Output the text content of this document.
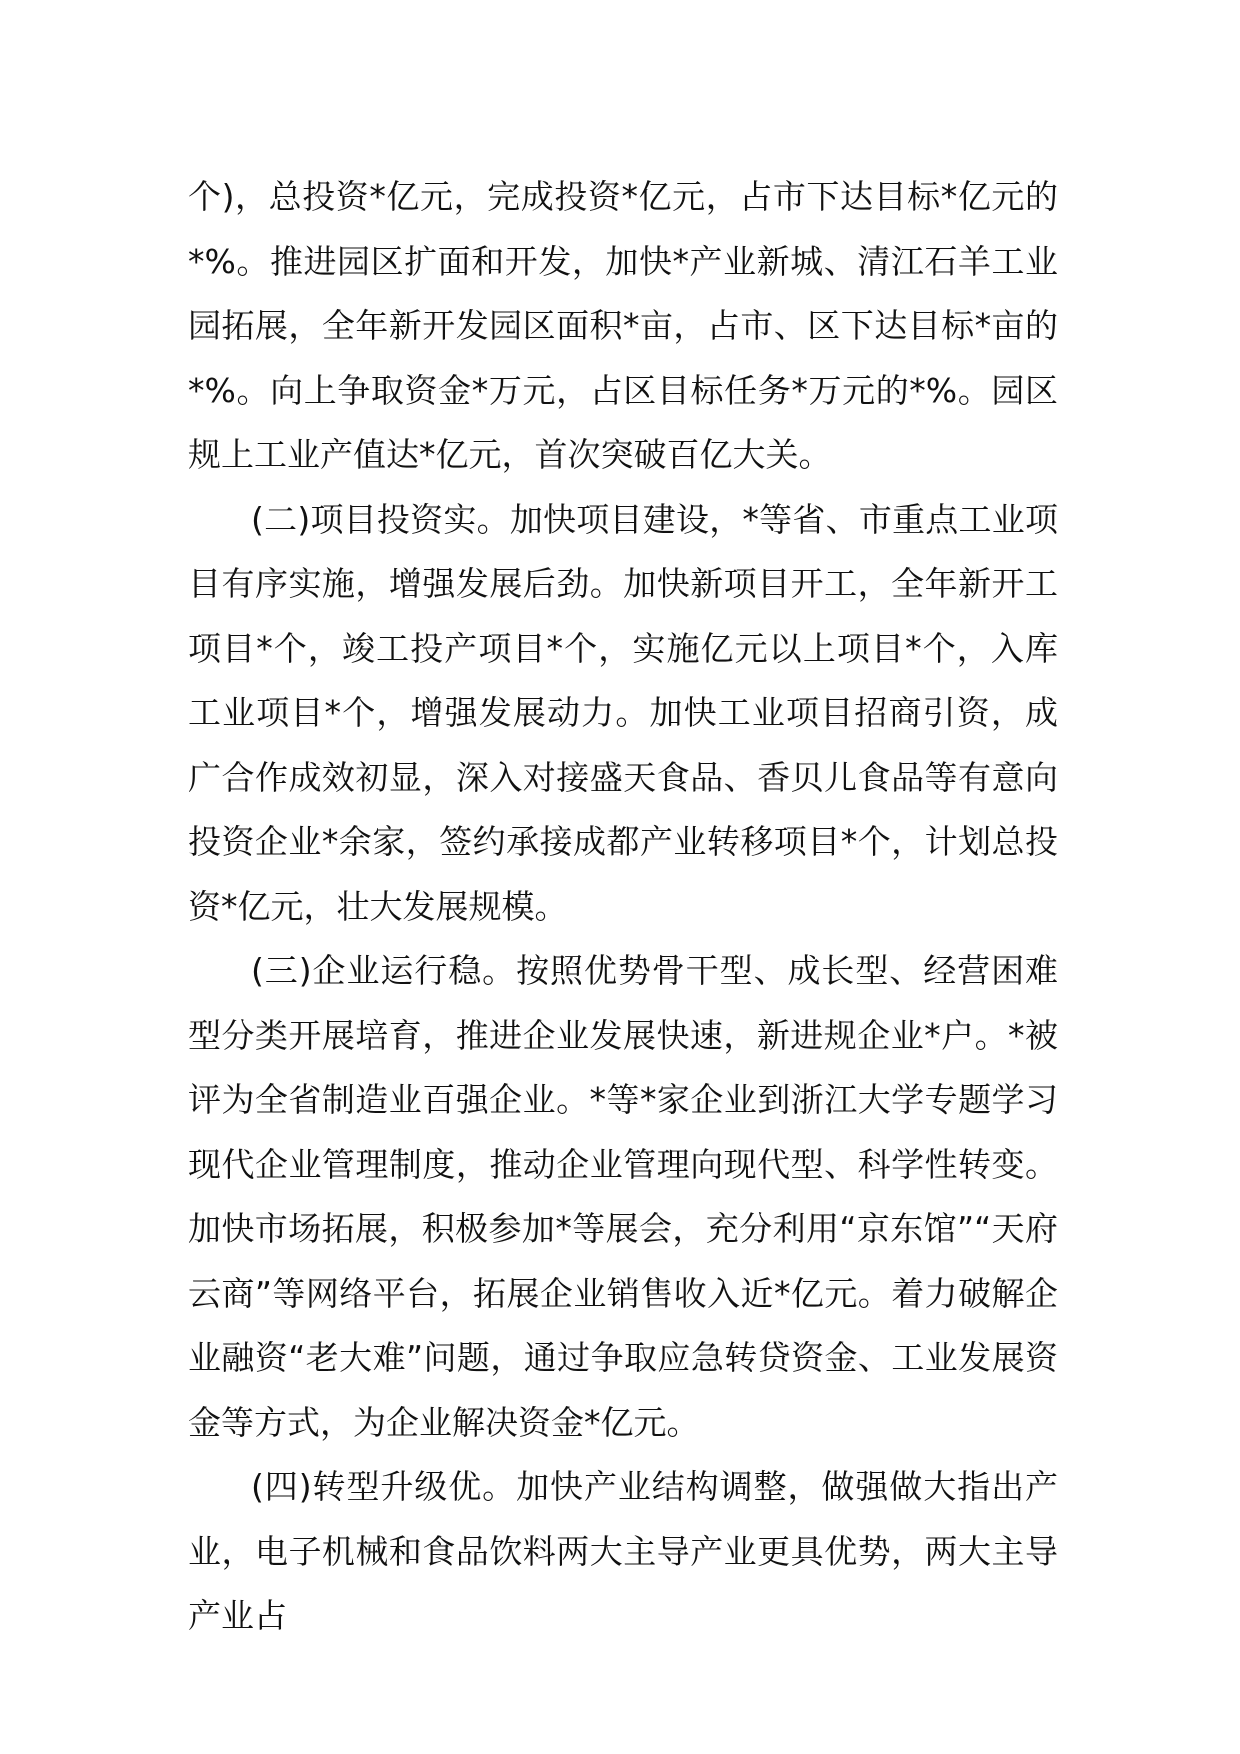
个)，总投资*亿元，完成投资*亿元，占市下达目标*亿元的*%。推进园区扩面和开发，加快*产业新城、清江石羊工业园拓展，全年新开发园区面积*亩，占市、区下达目标*亩的*%。向上争取资金*万元，占区目标任务*万元的*%。园区规上工业产值达*亿元，首次突破百亿大关。

(二)项目投资实。加快项目建设，*等省、市重点工业项目有序实施，增强发展后劲。加快新项目开工，全年新开工项目*个，竣工投产项目*个，实施亿元以上项目*个，入库工业项目*个，增强发展动力。加快工业项目招商引资，成广合作成效初显，深入对接盛天食品、香贝儿食品等有意向投资企业*余家，签约承接成都产业转移项目*个，计划总投资*亿元，壮大发展规模。

(三)企业运行稳。按照优势骨干型、成长型、经营困难型分类开展培育，推进企业发展快速，新进规企业*户。*被评为全省制造业百强企业。*等*家企业到浙江大学专题学习现代企业管理制度，推动企业管理向现代型、科学性转变。加快市场拓展，积极参加*等展会，充分利用“京东馆”“天府云商”等网络平台，拓展企业销售收入近*亿元。着力破解企业融资“老大难”问题，通过争取应急转贷资金、工业发展资金等方式，为企业解决资金*亿元。

(四)转型升级优。加快产业结构调整，做强做大指出产业，电子机械和食品饮料两大主导产业更具优势，两大主导产业占
